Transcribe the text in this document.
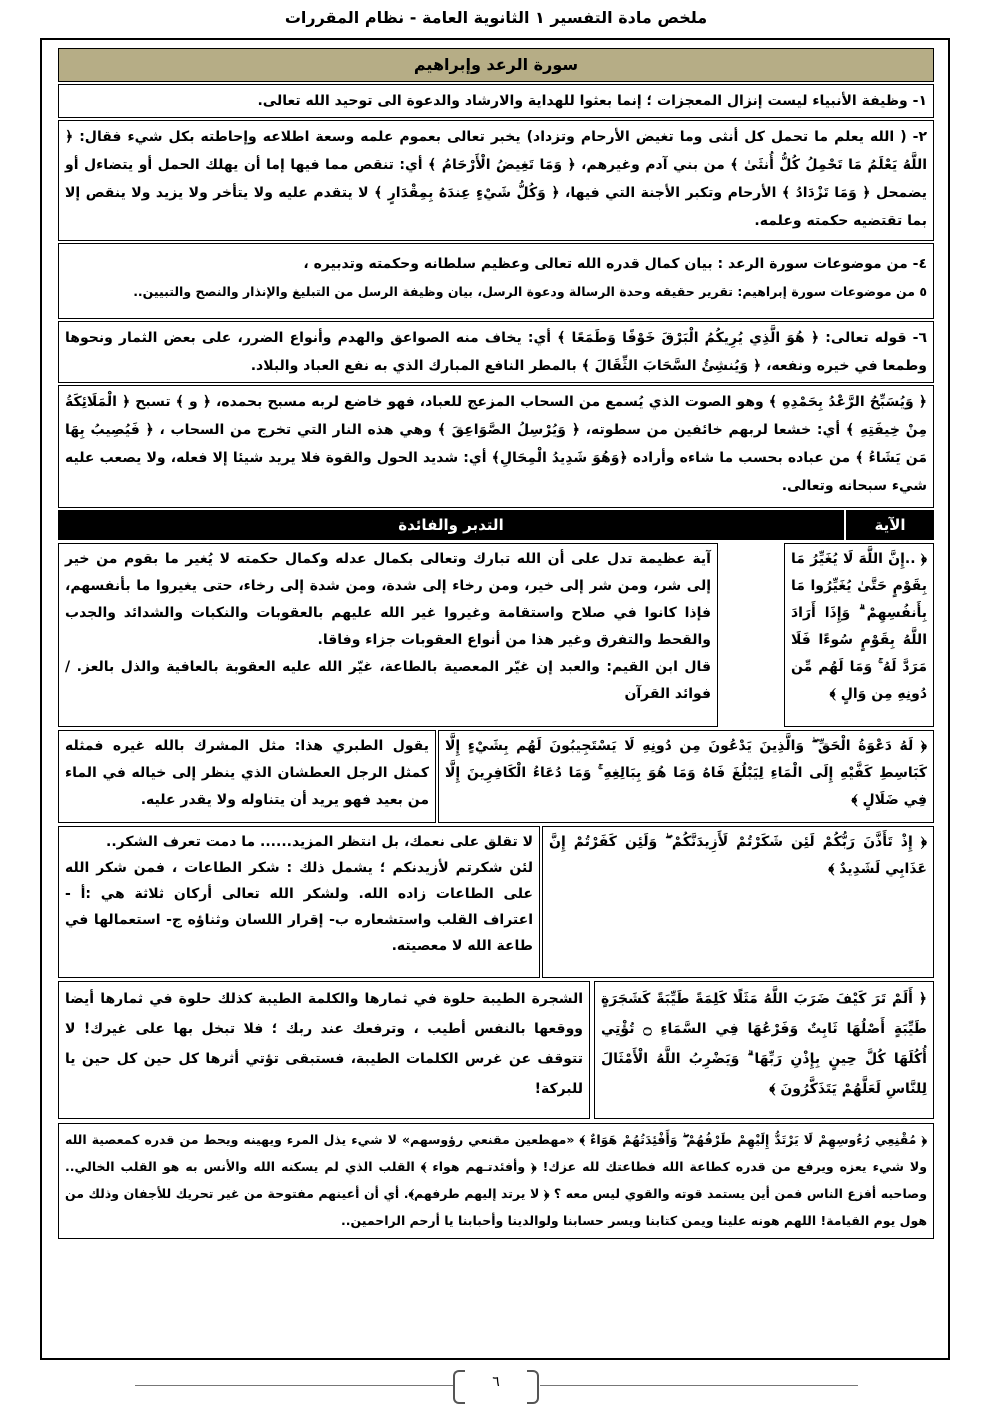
ملخص مادة التفسير ١ الثانوية العامة - نظام المقررات
سورة الرعد وإبراهيم

١- وظيفة الأنبياء ليست إنزال المعجزات ؛ إنما بعثوا للهداية والارشاد والدعوة الى توحيد الله تعالى.

٢- ( الله يعلم ما تحمل كل أنثى وما تغيض الأرحام وتزداد) يخبر تعالى بعموم علمه وسعة اطلاعه وإحاطته بكل شيء فقال: ﴿ اللَّهُ يَعْلَمُ مَا تَحْمِلُ كُلُّ أُنثَىٰ ﴾ من بني آدم وغيرهم، ﴿ وَمَا تَغِيضُ الْأَرْحَامُ ﴾ أي: تنقص مما فيها إما أن يهلك الحمل أو يتضاءل أو يضمحل ﴿ وَمَا تَزْدَادُ ﴾ الأرحام وتكبر الأجنة التي فيها، ﴿ وَكُلُّ شَيْءٍ عِندَهُ بِمِقْدَارٍ ﴾ لا يتقدم عليه ولا يتأخر ولا يزيد ولا ينقص إلا بما تقتضيه حكمته وعلمه.

٤- من موضوعات سورة الرعد : بيان كمال قدره الله تعالى وعظيم سلطانه وحكمته وتدبيره ،

٥ من موضوعات سورة إبراهيم: تقرير حقيقه وحدة الرسالة ودعوة الرسل، بيان وظيفة الرسل من التبليغ والإنذار والنصح والتبيين..

٦- قوله تعالى: ﴿ هُوَ الَّذِي يُرِيكُمُ الْبَرْقَ خَوْفًا وَطَمَعًا ﴾ أي: يخاف منه الصواعق والهدم وأنواع الضرر، على بعض الثمار ونحوها وطمعا في خيره ونفعه، ﴿ وَيُنشِئُ السَّحَابَ الثِّقَالَ ﴾ بالمطر النافع المبارك الذي به نفع العباد والبلاد.

﴿ وَيُسَبِّحُ الرَّعْدُ بِحَمْدِهِ ﴾ وهو الصوت الذي يُسمع من السحاب المزعج للعباد، فهو خاضع لربه مسبح بحمده، ﴿ و ﴾ تسبح ﴿ الْمَلَائِكَةُ مِنْ خِيفَتِهِ ﴾ أي: خشعا لربهم خائفين من سطوته، ﴿ وَيُرْسِلُ الصَّوَاعِقَ ﴾ وهي هذه النار التي تخرج من السحاب ، ﴿ فَيُصِيبُ بِهَا مَن يَشَاءُ ﴾ من عباده بحسب ما شاءه وأراده ﴿وَهُوَ شَدِيدُ الْمِحَالِ﴾ أي: شديد الحول والقوة فلا يريد شيئا إلا فعله، ولا يصعب عليه شيء سبحانه وتعالى.

الآية
التدبر والفائدة

﴿ ..إِنَّ اللَّهَ لَا يُغَيِّرُ مَا بِقَوْمٍ حَتَّىٰ يُغَيِّرُوا مَا بِأَنفُسِهِمْ ۗ وَإِذَا أَرَادَ اللَّهُ بِقَوْمٍ سُوءًا فَلَا مَرَدَّ لَهُ ۚ وَمَا لَهُم مِّن دُونِهِ مِن وَالٍ ﴾

آية عظيمة تدل على أن الله تبارك وتعالى بكمال عدله وكمال حكمته لا يُغير ما بقوم من خير إلى شر، ومن شر إلى خير، ومن رخاء إلى شدة، ومن شدة إلى رخاء، حتى يغيروا ما بأنفسهم، فإذا كانوا في صلاح واستقامة وغيروا غير الله عليهم بالعقوبات والنكبات والشدائد والجدب والقحط والتفرق وغير هذا من أنواع العقوبات جزاء وفاقا.

قال ابن القيم: والعبد إن غيّر المعصية بالطاعة، غيّر الله عليه العقوبة بالعافية والذل بالعز. / فوائد القرآن

﴿ لَهُ دَعْوَةُ الْحَقِّ ۖ وَالَّذِينَ يَدْعُونَ مِن دُونِهِ لَا يَسْتَجِيبُونَ لَهُم بِشَيْءٍ إِلَّا كَبَاسِطِ كَفَّيْهِ إِلَى الْمَاءِ لِيَبْلُغَ فَاهُ وَمَا هُوَ بِبَالِغِهِ ۚ وَمَا دُعَاءُ الْكَافِرِينَ إِلَّا فِي ضَلَالٍ ﴾

يقول الطبري هذا: مثل المشرك بالله غيره فمثله كمثل الرجل العطشان الذي ينظر إلى خياله في الماء من بعيد فهو يريد أن يتناوله ولا يقدر عليه.

﴿ إِذْ تَأَذَّنَ رَبُّكُمْ لَئِن شَكَرْتُمْ لَأَزِيدَنَّكُمْ ۖ وَلَئِن كَفَرْتُمْ إِنَّ عَذَابِي لَشَدِيدٌ ﴾

لا تقلق على نعمك، بل انتظر المزيد...... ما دمت تعرف الشكر..

لئن شكرتم لأزيدنكم ؛ يشمل ذلك : شكر الطاعات ، فمن شكر الله على الطاعات زاده الله. ولشكر الله تعالى أركان ثلاثة هي :أ - اعتراف القلب واستشعاره ب- إقرار اللسان وثناؤه ج- استعمالها في طاعة الله لا معصيته.

﴿ أَلَمْ تَرَ كَيْفَ ضَرَبَ اللَّهُ مَثَلًا كَلِمَةً طَيِّبَةً كَشَجَرَةٍ طَيِّبَةٍ أَصْلُهَا ثَابِتٌ وَفَرْعُهَا فِي السَّمَاءِ ۝ تُؤْتِي أُكُلَهَا كُلَّ حِينٍ بِإِذْنِ رَبِّهَا ۗ وَيَضْرِبُ اللَّهُ الْأَمْثَالَ لِلنَّاسِ لَعَلَّهُمْ يَتَذَكَّرُونَ ﴾

الشجرة الطيبة حلوة في ثمارها والكلمة الطيبة كذلك حلوة في ثمارها أيضا ووقعها بالنفس أطيب ، وترفعك عند ربك ؛ فلا تبخل بها على غيرك! لا تتوقف عن غرس الكلمات الطيبة، فستبقى تؤتي أثرها كل حين كل حين يا للبركة!

﴿ مُقْنِعِي رُءُوسِهِمْ لَا يَرْتَدُّ إِلَيْهِمْ طَرْفُهُمْ ۖ وَأَفْئِدَتُهُمْ هَوَاءٌ ﴾ «مهطعين مقنعي رؤوسهم» لا شيء يذل المرء ويهينه ويحط من قدره كمعصية الله ولا شيء يعزه ويرفع من قدره كطاعة الله فطاعتك لله عزك! ﴿ وأفئدتـهم هواء ﴾ القلب الذي لم يسكنه الله والأنس به هو القلب الخالي.. وصاحبه أفزع الناس فمن أين يستمد قوته والقوي ليس معه ؟ ﴿ لا يرتد إليهم طرفهم﴾. أي أن أعينهم مفتوحة من غير تحريك للأجفان وذلك من هول يوم القيامة! اللهم هونه علينا ويمن كتابنا ويسر حسابنا ولوالدينا وأحبابنا يا أرحم الراحمين..

٦
